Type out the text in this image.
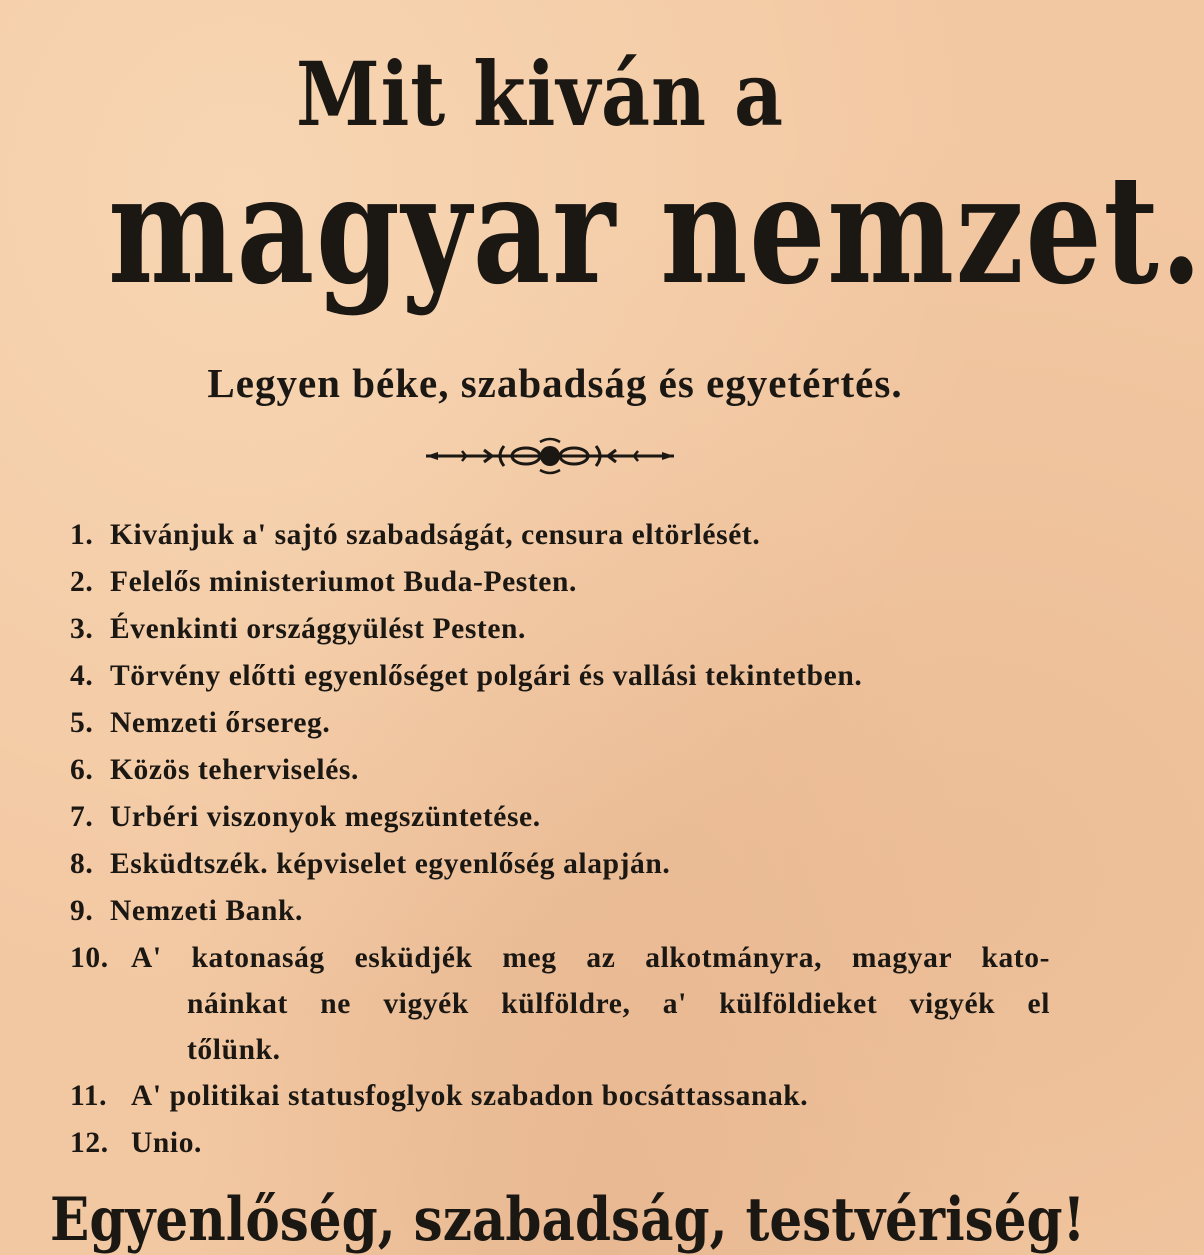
Mit kiván a
magyar nemzet.
Legyen béke, szabadság és egyetértés.
1. Kivánjuk a' sajtó szabadságát, censura eltörlését.
2. Felelős ministeriumot Buda-Pesten.
3. Évenkinti országgyülést Pesten.
4. Törvény előtti egyenlőséget polgári és vallási tekintetben.
5. Nemzeti őrsereg.
6. Közös teherviselés.
7. Urbéri viszonyok megszüntetése.
8. Esküdtszék. képviselet egyenlőség alapján.
9. Nemzeti Bank.
10. A' katonaság esküdjék meg az alkotmányra, magyar kato-
náinkat ne vigyék külföldre, a' külföldieket vigyék el
tőlünk.
11. A' politikai statusfoglyok szabadon bocsáttassanak.
12. Unio.
Egyenlőség, szabadság, testvériség!
